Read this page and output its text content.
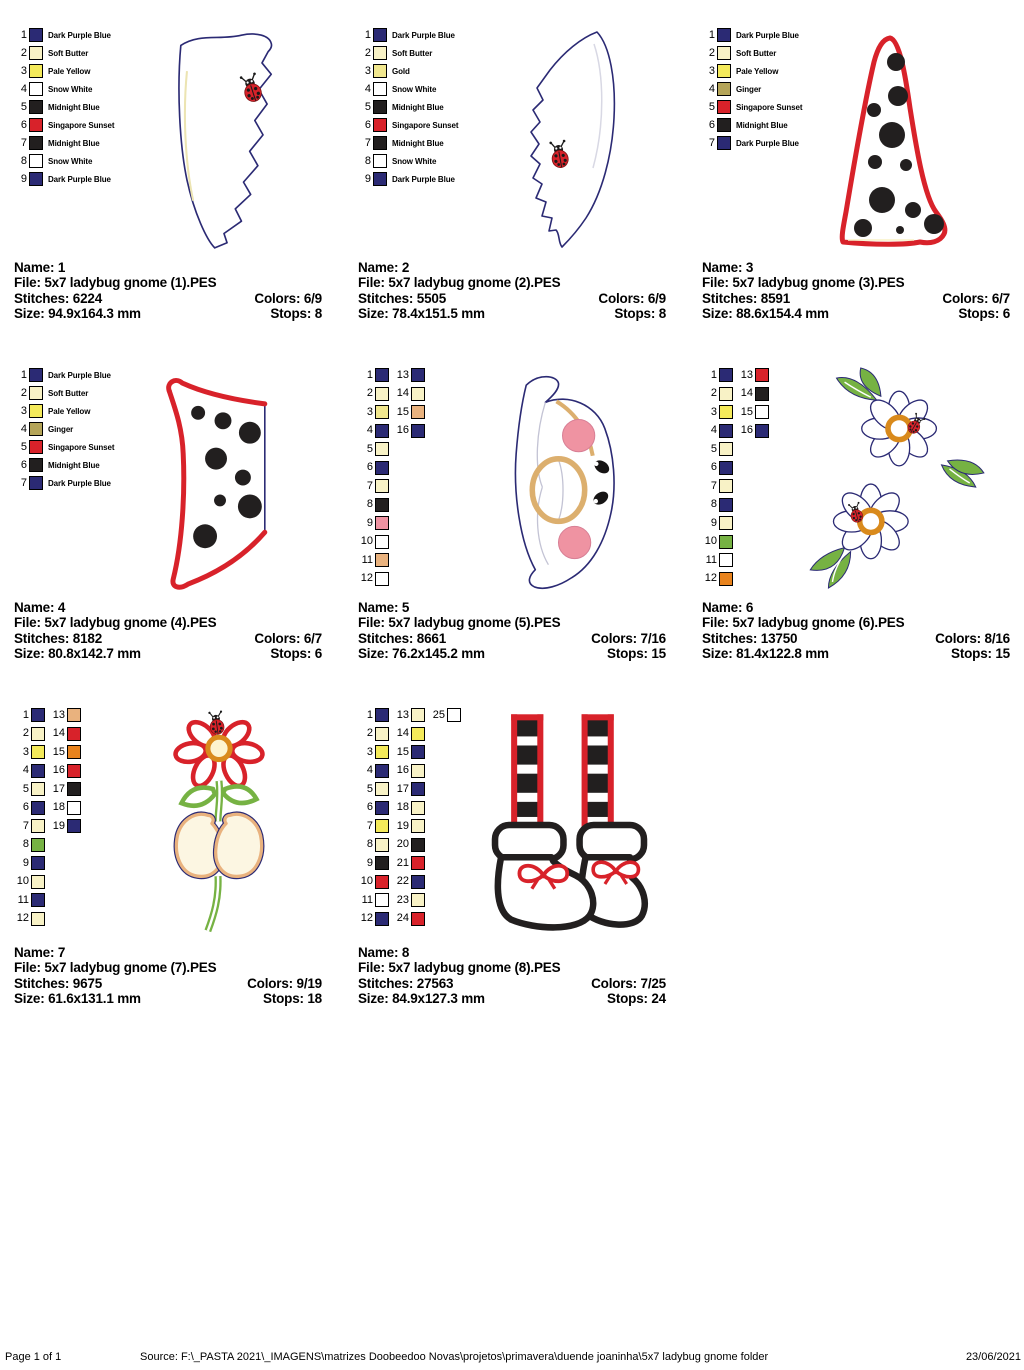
1	Dark Purple Blue
2	Soft Butter
3	Pale Yellow
4	Snow White
5	Midnight Blue
6	Singapore Sunset
7	Midnight Blue
8	Snow White
9	Dark Purple Blue
Name: 1
File: 5x7 ladybug gnome (1).PES
Stitches: 6224	Colors: 6/9
Size: 94.9x164.3 mm	Stops: 8
1	Dark Purple Blue
2	Soft Butter
3	Gold
4	Snow White
5	Midnight Blue
6	Singapore Sunset
7	Midnight Blue
8	Snow White
9	Dark Purple Blue
Name: 2
File: 5x7 ladybug gnome (2).PES
Stitches: 5505	Colors: 6/9
Size: 78.4x151.5 mm	Stops: 8
1	Dark Purple Blue
2	Soft Butter
3	Pale Yellow
4	Ginger
5	Singapore Sunset
6	Midnight Blue
7	Dark Purple Blue
Name: 3
File: 5x7 ladybug gnome (3).PES
Stitches: 8591	Colors: 6/7
Size: 88.6x154.4 mm	Stops: 6
1	Dark Purple Blue
2	Soft Butter
3	Pale Yellow
4	Ginger
5	Singapore Sunset
6	Midnight Blue
7	Dark Purple Blue
Name: 4
File: 5x7 ladybug gnome (4).PES
Stitches: 8182	Colors: 6/7
Size: 80.8x142.7 mm	Stops: 6
1
2
3
4
5
6
7
8
9
10
11
12
13
14
15
16
Name: 5
File: 5x7 ladybug gnome (5).PES
Stitches: 8661	Colors: 7/16
Size: 76.2x145.2 mm	Stops: 15
1
2
3
4
5
6
7
8
9
10
11
12
13
14
15
16
Name: 6
File: 5x7 ladybug gnome (6).PES
Stitches: 13750	Colors: 8/16
Size: 81.4x122.8 mm	Stops: 15
1
2
3
4
5
6
7
8
9
10
11
12
13
14
15
16
17
18
19
Name: 7
File: 5x7 ladybug gnome (7).PES
Stitches: 9675	Colors: 9/19
Size: 61.6x131.1 mm	Stops: 18
1
2
3
4
5
6
7
8
9
10
11
12
13
14
15
16
17
18
19
20
21
22
23
24
25
Name: 8
File: 5x7 ladybug gnome (8).PES
Stitches: 27563	Colors: 7/25
Size: 84.9x127.3 mm	Stops: 24
Page 1 of 1	Source: F:\_PASTA 2021\_IMAGENS\matrizes Doobeedoo Novas\projetos\primavera\duende joaninha\5x7 ladybug gnome folder	23/06/2021
